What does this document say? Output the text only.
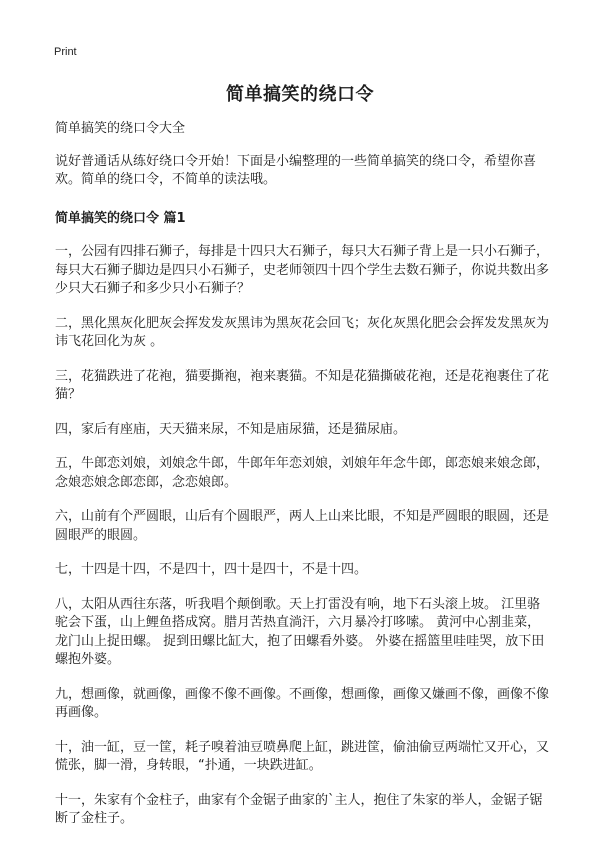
Print
简单搞笑的绕口令

简单搞笑的绕口令大全

说好普通话从练好绕口令开始！下面是小编整理的一些简单搞笑的绕口令，希望你喜欢。简单的绕口令，不简单的读法哦。

简单搞笑的绕口令 篇1

一，公园有四排石狮子，每排是十四只大石狮子，每只大石狮子背上是一只小石狮子，每只大石狮子脚边是四只小石狮子，史老师领四十四个学生去数石狮子，你说共数出多少只大石狮子和多少只小石狮子？

二，黑化黑灰化肥灰会挥发发灰黑讳为黑灰花会回飞；灰化灰黑化肥会会挥发发黑灰为讳飞花回化为灰 。

三，花猫跌进了花袍，猫要撕袍，袍来裹猫。不知是花猫撕破花袍，还是花袍裹住了花猫？

四，家后有座庙，天天猫来尿，不知是庙尿猫，还是猫尿庙。

五，牛郎恋刘娘，刘娘念牛郎，牛郎年年恋刘娘，刘娘年年念牛郎，郎恋娘来娘念郎，念娘恋娘念郎恋郎，念恋娘郎。

六，山前有个严圆眼，山后有个圆眼严，两人上山来比眼，不知是严圆眼的眼圆，还是圆眼严的眼圆。

七，十四是十四，不是四十，四十是四十，不是十四。

八，太阳从西往东落，听我唱个颠倒歌。天上打雷没有响，地下石头滚上坡。 江里骆驼会下蛋，山上鲤鱼搭成窝。腊月苦热直淌汗，六月暴冷打哆嗦。 黄河中心割韭菜，龙门山上捉田螺。 捉到田螺比缸大，抱了田螺看外婆。 外婆在摇篮里哇哇哭，放下田螺抱外婆。

九，想画像，就画像，画像不像不画像。不画像，想画像，画像又嫌画不像，画像不像再画像。

十，油一缸，豆一筐，耗子嗅着油豆喷鼻爬上缸，跳进筐，偷油偷豆两端忙又开心，又慌张，脚一滑，身转眼，“扑通，一块跌进缸。

十一，朱家有个金柱子，曲家有个金锯子曲家的`主人，抱住了朱家的举人，金锯子锯断了金柱子。
